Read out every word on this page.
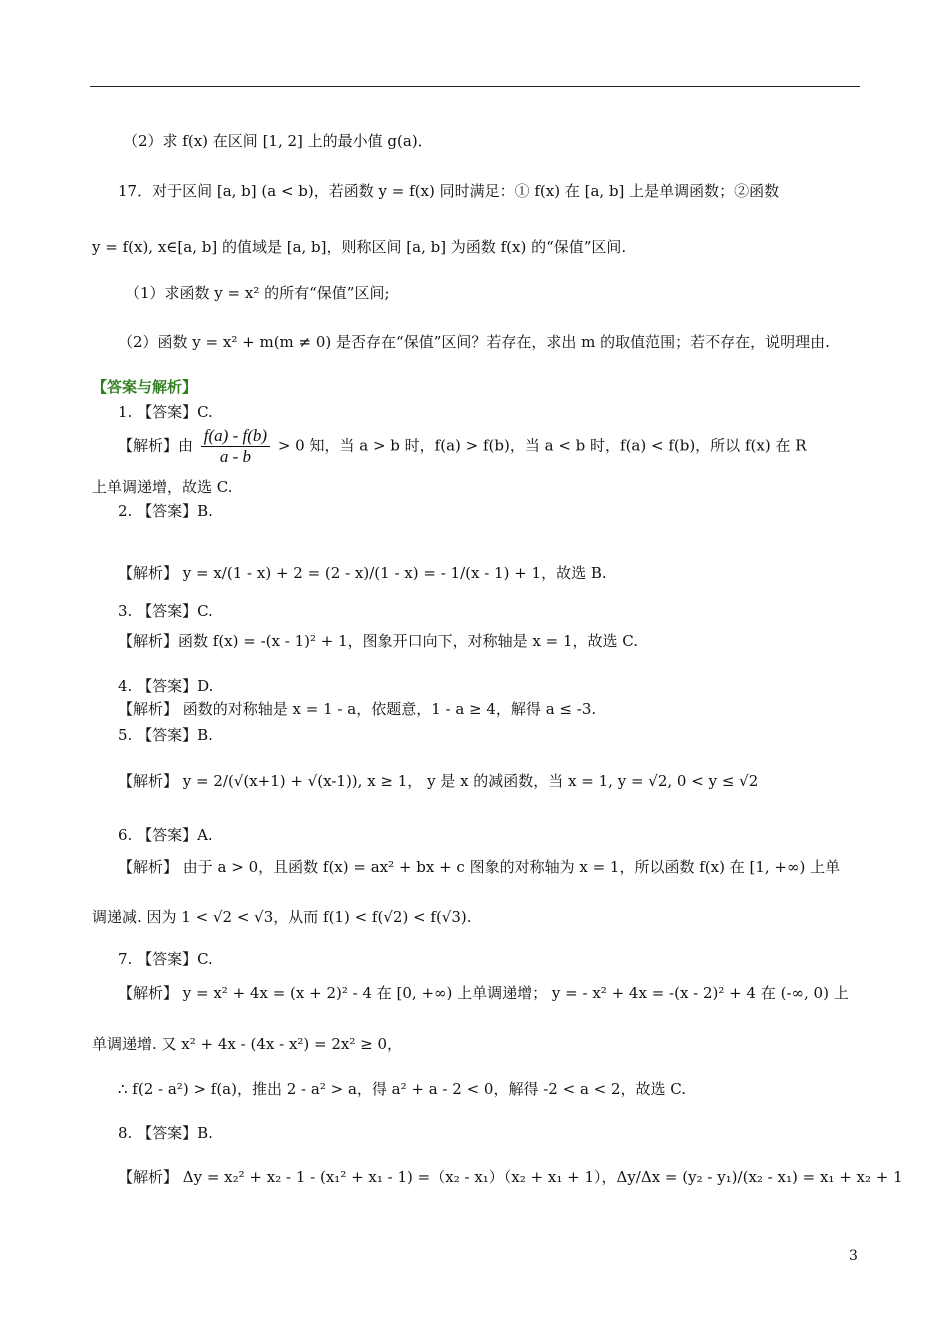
（2）求 f(x) 在区间 [1, 2] 上的最小值 g(a)．
17．对于区间 [a, b] (a < b)，若函数 y = f(x) 同时满足：① f(x) 在 [a, b] 上是单调函数；②函数
y = f(x), x∈[a, b] 的值域是 [a, b]，则称区间 [a, b] 为函数 f(x) 的“保值”区间.
（1）求函数 y = x² 的所有“保值”区间;
（2）函数 y = x² + m(m ≠ 0) 是否存在“保值”区间？若存在，求出 m 的取值范围；若不存在，说明理由.
【答案与解析】
1. 【答案】C.
【解析】由 $\frac{f(a) - f(b)}{a - b} > 0$ 知，当 a > b 时，f(a) > f(b)，当 a < b 时，f(a) < f(b)，所以 f(x) 在 R
上单调递增，故选 C.
2. 【答案】B.
【解析】 y = x/(1 - x) + 2 = (2 - x)/(1 - x) = - 1/(x - 1) + 1，故选 B.
3. 【答案】C.
【解析】函数 f(x) = -(x - 1)² + 1，图象开口向下，对称轴是 x = 1，故选 C.
4. 【答案】D.
【解析】 函数的对称轴是 x = 1 - a，依题意，1 - a ≥ 4，解得 a ≤ -3.
5. 【答案】B.
【解析】 y = 2/(√(x+1) + √(x-1)), x ≥ 1， y 是 x 的减函数，当 x = 1, y = √2, 0 < y ≤ √2
6. 【答案】A.
【解析】 由于 a > 0，且函数 f(x) = ax² + bx + c 图象的对称轴为 x = 1，所以函数 f(x) 在 [1, +∞) 上单
调递减. 因为 1 < √2 < √3，从而 f(1) < f(√2) < f(√3).
7. 【答案】C.
【解析】 y = x² + 4x = (x + 2)² - 4 在 [0, +∞) 上单调递增； y = - x² + 4x = -(x - 2)² + 4 在 (-∞, 0) 上
单调递增. 又 x² + 4x - (4x - x²) = 2x² ≥ 0，
∴ f(2 - a²) > f(a)，推出 2 - a² > a，得 a² + a - 2 < 0，解得 -2 < a < 2，故选 C.
8. 【答案】B.
【解析】 Δy = x₂² + x₂ - 1 - (x₁² + x₁ - 1) =（x₂ - x₁）（x₂ + x₁ + 1），Δy/Δx = (y₂ - y₁)/(x₂ - x₁) = x₁ + x₂ + 1
3
